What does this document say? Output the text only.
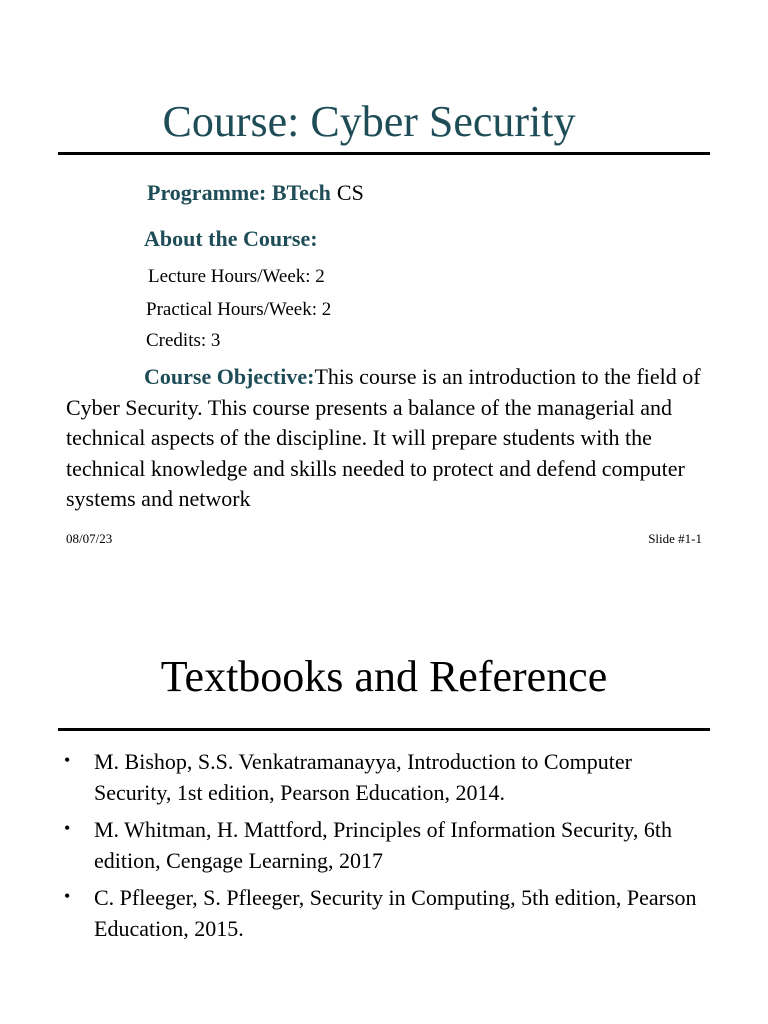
Course: Cyber Security
Programme: BTech CS
About the Course:
Lecture Hours/Week: 2
Practical Hours/Week: 2
Credits: 3
Course Objective:This course is an introduction to the field of Cyber Security. This course presents a balance of the managerial and technical aspects of the discipline. It will prepare students with the technical knowledge and skills needed to protect and defend computer systems and network
08/07/23	Slide #1-1
Textbooks and Reference
• M. Bishop, S.S. Venkatramanayya, Introduction to Computer Security, 1st edition, Pearson Education, 2014.
• M. Whitman, H. Mattford, Principles of Information Security, 6th edition, Cengage Learning, 2017
• C. Pfleeger, S. Pfleeger, Security in Computing, 5th edition, Pearson Education, 2015.
